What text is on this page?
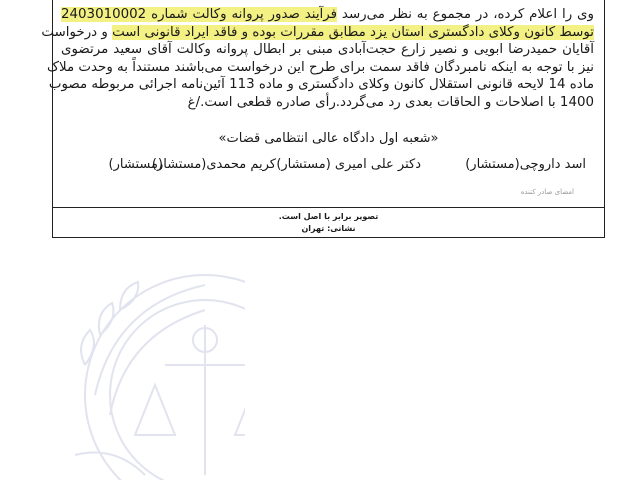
وی را اعلام کرده، در مجموع به نظر می‌رسد فرآیند صدور پروانه وکالت شماره 2403010002

توسط کانون وکلای دادگستری استان یزد مطابق مقررات بوده و فاقد ایراد قانونی است و درخواست

آقایان حمیدرضا ابویی و نصیر زارع حجت‌آبادی مبنی بر ابطال پروانه وکالت آقای سعید مرتضوی

نیز با توجه به اینکه نامبردگان فاقد سمت برای طرح این درخواست می‌باشند مستنداً به وحدت ملاک

ماده 14 لایحه قانونی استقلال کانون وکلای دادگستری و ماده 113 آئین‌نامه اجرائی مربوطه مصوب

1400 با اصلاحات و الحاقات بعدی رد می‌گردد.رأی صادره قطعی است./غ

«شعبه اول دادگاه عالی انتظامی قضات»
اسد داروچی(مستشار)
دکتر علی امیری (مستشار)
کریم محمدی(مستشار)
(مستشار)
امضای صادر کننده
تصویر برابر با اصل است.
نشانی: تهران
